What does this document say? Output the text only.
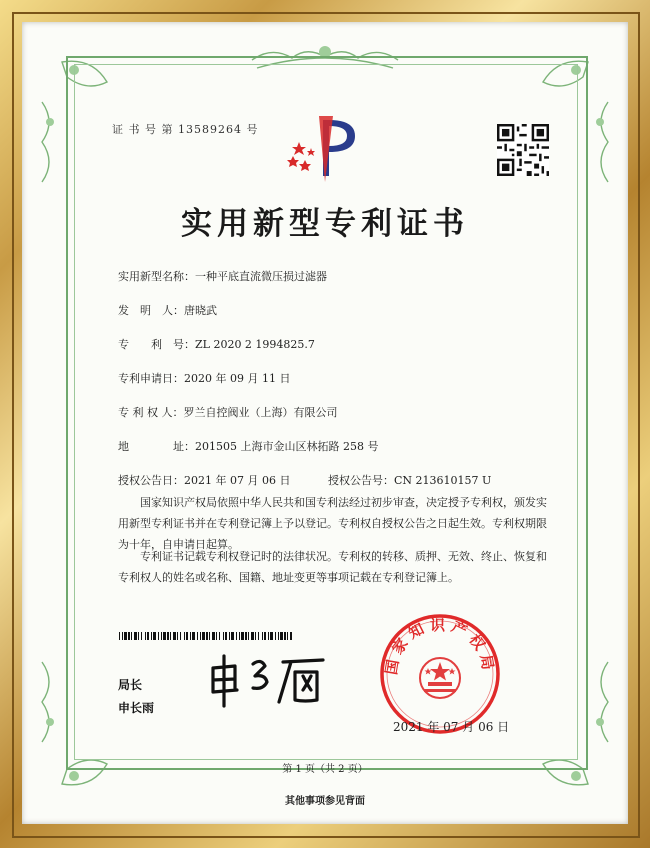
证 书 号 第 13589264 号
实用新型专利证书
实用新型名称：一种平底直流微压损过滤器
发　明　人：唐晓武
专　　利　号：ZL 2020 2 1994825.7
专利申请日：2020 年 09 月 11 日
专 利 权 人：罗兰自控阀业（上海）有限公司
地　　　　址：201505 上海市金山区林拓路 258 号
授权公告日：2021 年 07 月 06 日	授权公告号：CN 213610157 U
国家知识产权局依照中华人民共和国专利法经过初步审查，决定授予专利权，颁发实用新型专利证书并在专利登记簿上予以登记。专利权自授权公告之日起生效。专利权期限为十年，自申请日起算。
专利证书记载专利权登记时的法律状况。专利权的转移、质押、无效、终止、恢复和专利权人的姓名或名称、国籍、地址变更等事项记载在专利登记簿上。
局长
申长雨
国家知识产权局
2021 年 07 月 06 日
第 1 页（共 2 页）
其他事项参见背面
